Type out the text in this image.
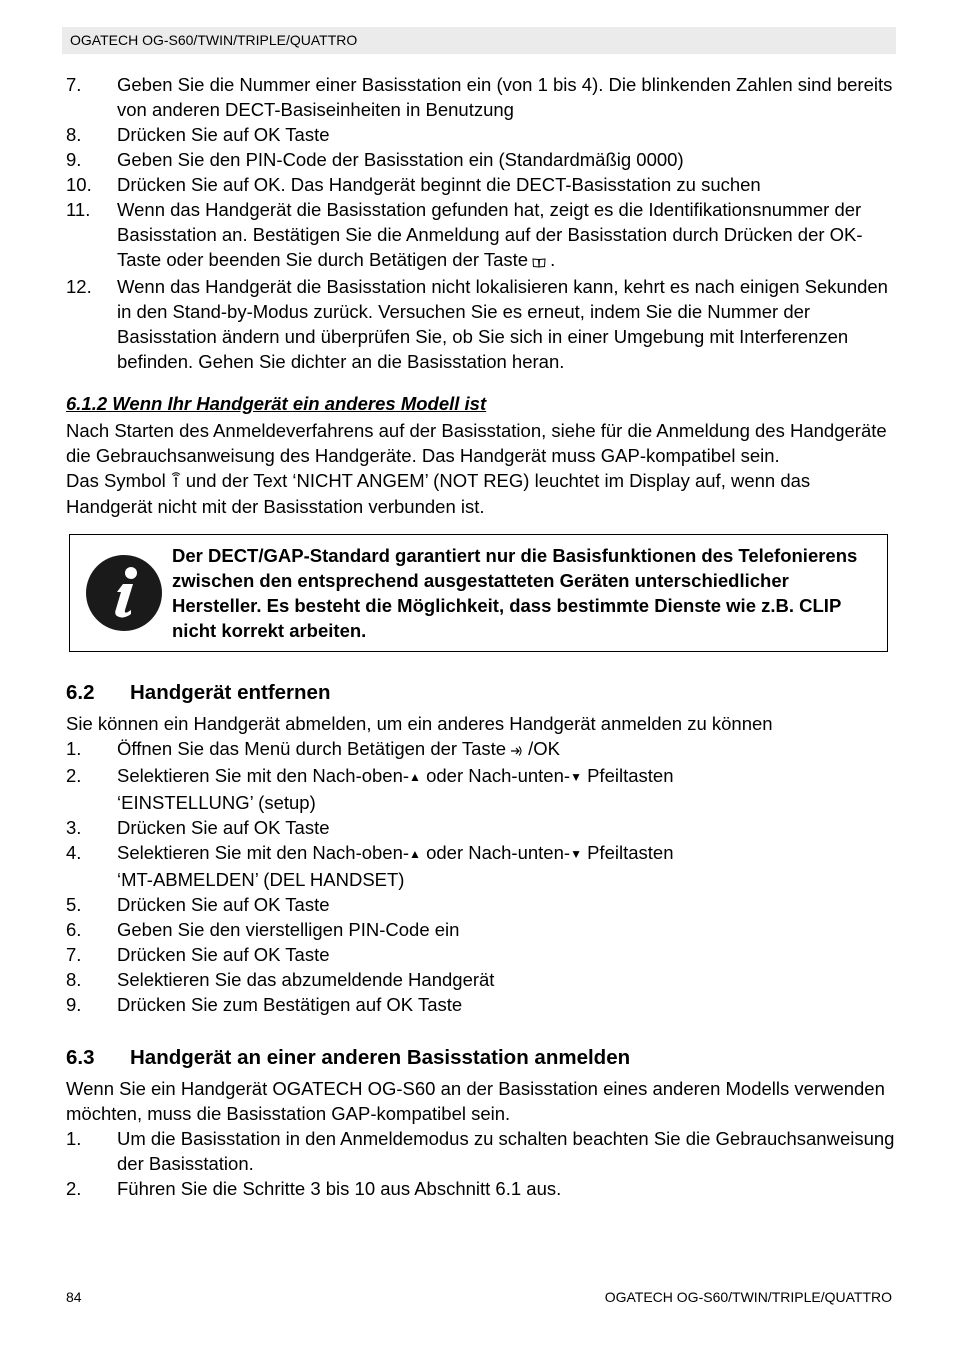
OGATECH OG-S60/TWIN/TRIPLE/QUATTRO
7.	Geben Sie die Nummer einer Basisstation ein (von 1 bis 4). Die blinkenden Zahlen sind bereits von anderen DECT-Basiseinheiten in Benutzung
8.	Drücken Sie auf OK Taste
9.	Geben Sie den PIN-Code der Basisstation ein (Standardmäßig 0000)
10.	Drücken Sie auf OK. Das Handgerät beginnt die DECT-Basisstation zu suchen
11.	Wenn das Handgerät die Basisstation gefunden hat, zeigt es die Identifikationsnummer der Basisstation an. Bestätigen Sie die Anmeldung auf der Basisstation durch Drücken der OK-Taste oder beenden Sie durch Betätigen der Taste .
12.	Wenn das Handgerät die Basisstation nicht lokalisieren kann, kehrt es nach einigen Sekunden in den Stand-by-Modus zurück. Versuchen Sie es erneut, indem Sie die Nummer der Basisstation ändern und überprüfen Sie, ob Sie sich in einer Umgebung mit Interferenzen befinden. Gehen Sie dichter an die Basisstation heran.
6.1.2 Wenn Ihr Handgerät ein anderes Modell ist
Nach Starten des Anmeldeverfahrens auf der Basisstation, siehe für die Anmeldung des Handgeräte die Gebrauchsanweisung des Handgeräte. Das Handgerät muss GAP-kompatibel sein.
Das Symbol und der Text ‘NICHT ANGEM’ (NOT REG) leuchtet im Display auf, wenn das Handgerät nicht mit der Basisstation verbunden ist.
Der DECT/GAP-Standard garantiert nur die Basisfunktionen des Telefonierens zwischen den entsprechend ausgestatteten Geräten unterschiedlicher Hersteller. Es besteht die Möglichkeit, dass bestimmte Dienste wie z.B. CLIP nicht korrekt arbeiten.
6.2	Handgerät entfernen
Sie können ein Handgerät abmelden, um ein anderes Handgerät anmelden zu können
1.	Öffnen Sie das Menü durch Betätigen der Taste /OK
2.	Selektieren Sie mit den Nach-oben-▲ oder Nach-unten-▼ Pfeiltasten
‘EINSTELLUNG’ (setup)
3.	Drücken Sie auf OK Taste
4.	Selektieren Sie mit den Nach-oben-▲ oder Nach-unten-▼ Pfeiltasten
‘MT-ABMELDEN’ (DEL HANDSET)
5.	Drücken Sie auf OK Taste
6.	Geben Sie den vierstelligen PIN-Code ein
7.	Drücken Sie auf OK Taste
8.	Selektieren Sie das abzumeldende Handgerät
9.	Drücken Sie zum Bestätigen auf OK Taste
6.3	Handgerät an einer anderen Basisstation anmelden
Wenn Sie ein Handgerät OGATECH OG-S60 an der Basisstation eines anderen Modells verwenden möchten, muss die Basisstation GAP-kompatibel sein.
1.	Um die Basisstation in den Anmeldemodus zu schalten beachten Sie die Gebrauchsanweisung der Basisstation.
2.	Führen Sie die Schritte 3 bis 10 aus Abschnitt 6.1 aus.
84	OGATECH OG-S60/TWIN/TRIPLE/QUATTRO
